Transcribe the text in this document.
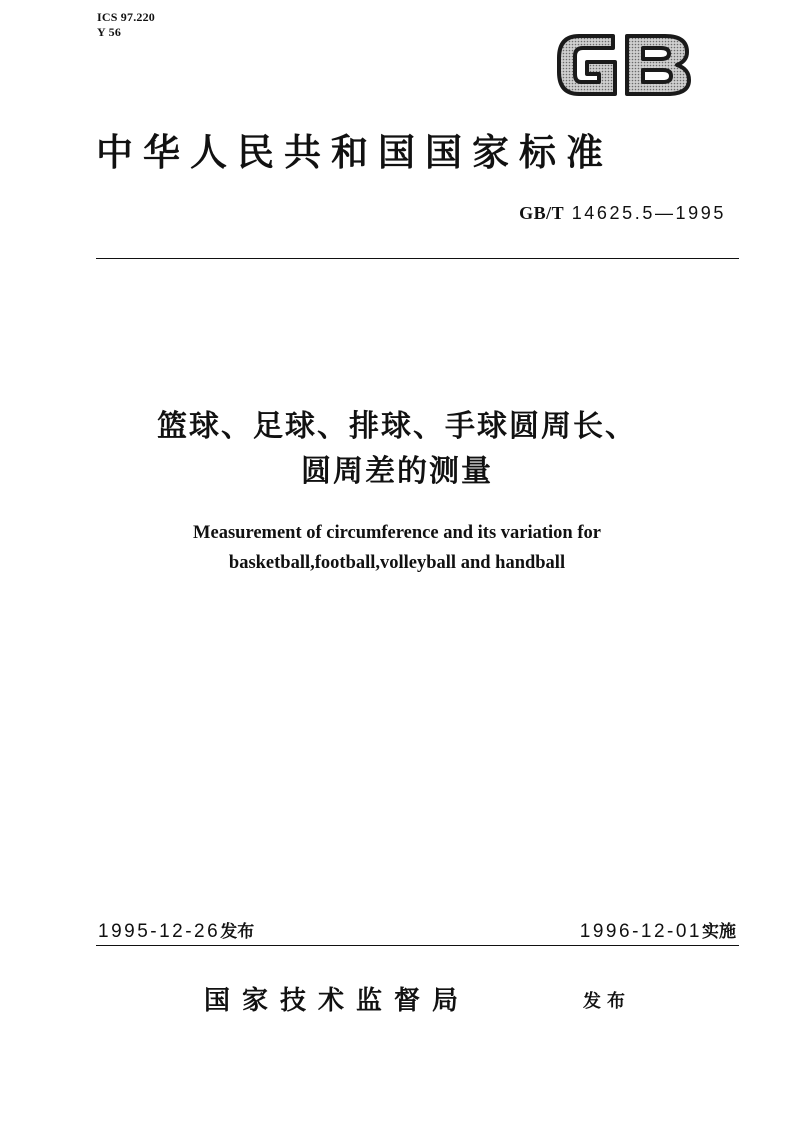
ICS 97.220
Y 56
中华人民共和国国家标准
GB/T 14625.5—1995
篮球、足球、排球、手球圆周长、
圆周差的测量
Measurement of circumference and its variation for
basketball,football,volleyball and handball
1995-12-26发布	1996-12-01实施
国家技术监督局	发布
